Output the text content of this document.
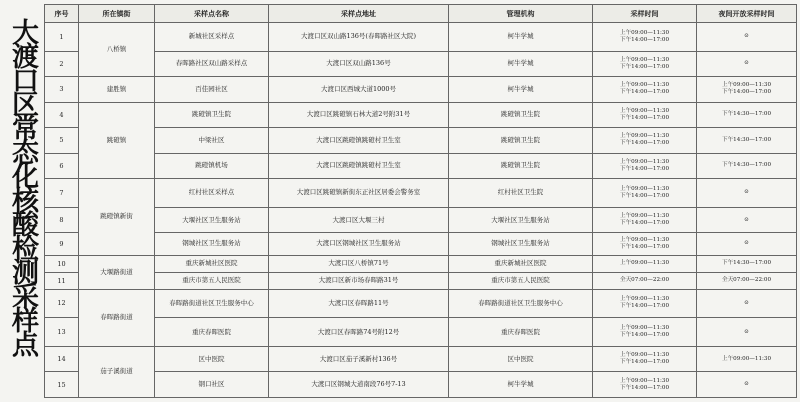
大渡口区常态化核酸检测采样点
序号	所在镇街	采样点名称	采样点地址	管理机构	采样时间	夜间开放采样时间
1	八桥镇	新城社区采样点	大渡口区双山路136号(春晖路社区大院)	柯牛学城	上午09:00—11:30
下午14:00—17:00	⊙

2		春晖路社区双山路采样点	大渡口区双山路136号	柯牛学城	上午09:00—11:30
下午14:00—17:00	⊙

3	建胜镇	百佳园社区	大渡口区西城大道1000号	柯牛学城	上午09:00—11:30
下午14:00—17:00	上午09:00—11:30
下午14:00—17:00

4	跳磴镇	跳磴镇卫生院	大渡口区跳磴镇石林大道2号附31号	跳磴镇卫生院	上午09:00—11:30
下午14:00—17:00	下午14:30—17:00

5		中梁社区	大渡口区跳磴镇跳磴村卫生室	跳磴镇卫生院	上午09:00—11:30
下午14:00—17:00	下午14:30—17:00

6		跳磴镇机场	大渡口区跳磴镇跳磴村卫生室	跳磴镇卫生院	上午09:00—11:30
下午14:00—17:00	下午14:30—17:00

7	跳磴镇新街	红村社区采样点	大渡口区跳磴镇新街东正社区居委会警务室	红村社区卫生院	上午09:00—11:30
下午14:00—17:00	⊙

8		大堰社区卫生服务站	大渡口区大堰三村	大堰社区卫生服务站	上午09:00—11:30
下午14:00—17:00	⊙

9		钢城社区卫生服务站	大渡口区钢城社区卫生服务站	钢城社区卫生服务站	上午09:00—11:30
下午14:00—17:00	⊙

10	大堰路街道	重庆新城社区医院	大渡口区八桥镇71号	重庆新城社区医院	上午09:00—11:30	下午14:30—17:00

11		重庆市第五人民医院	大渡口区新市场春晖路31号	重庆市第五人民医院	全天07:00—22:00	全天07:00—22:00

12	春晖路街道	春晖路街道社区卫生服务中心	大渡口区春晖路11号	春晖路街道社区卫生服务中心	上午09:00—11:30
下午14:00—17:00	⊙

13		重庆春晖医院	大渡口区春晖路74号附12号	重庆春晖医院	上午09:00—11:30
下午14:00—17:00	⊙

14	茄子溪街道	区中医院	大渡口区茄子溪新村136号	区中医院	上午09:00—11:30
下午14:00—17:00	上午09:00—11:30

15		钢口社区	大渡口区钢城大道南段76号7-13	柯牛学城	上午09:00—11:30
下午14:00—17:00	⊙
